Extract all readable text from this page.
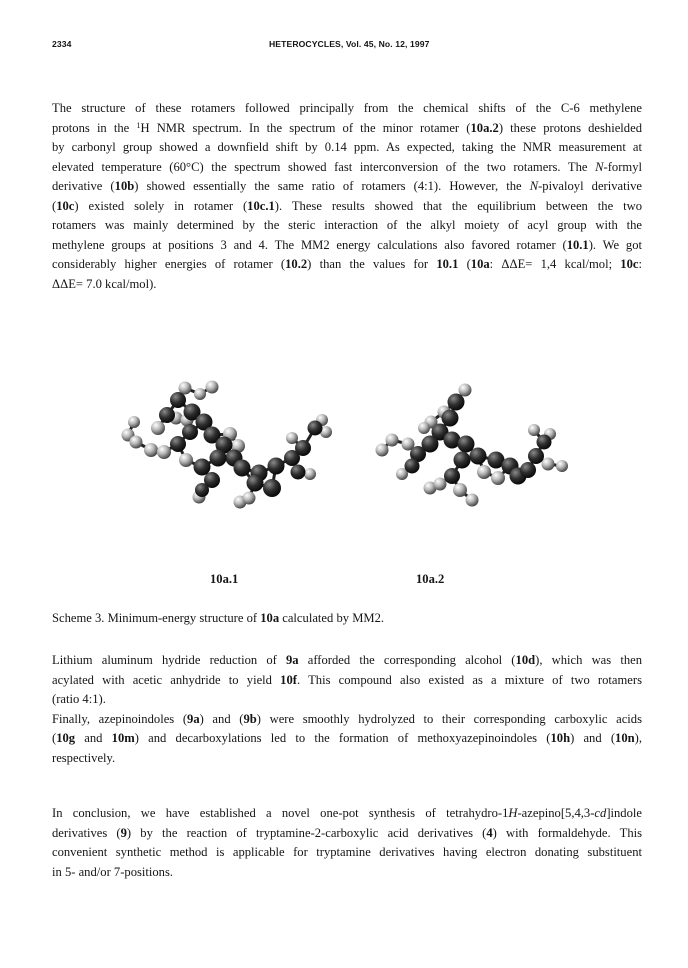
2334	HETEROCYCLES, Vol. 45, No. 12, 1997
The structure of these rotamers followed principally from the chemical shifts of the C-6 methylene
protons in the $^1$H NMR spectrum. In the spectrum of the minor rotamer (10a.2) these protons deshielded
by carbonyl group showed a downfield shift by 0.14 ppm. As expected, taking the NMR measurement at
elevated temperature (60°C) the spectrum showed fast interconversion of the two rotamers. The N-formyl
derivative (10b) showed essentially the same ratio of rotamers (4:1). However, the N-pivaloyl derivative
(10c) existed solely in rotamer (10c.1). These results showed that the equilibrium between the two
rotamers was mainly determined by the steric interaction of the alkyl moiety of acyl group with the
methylene groups at positions 3 and 4. The MM2 energy calculations also favored rotamer (10.1). We got
considerably higher energies of rotamer (10.2) than the values for 10.1 (10a: ΔΔE= 1,4 kcal/mol; 10c:
ΔΔE= 7.0 kcal/mol).
10a.1	10a.2
Scheme 3. Minimum-energy structure of 10a calculated by MM2.
Lithium aluminum hydride reduction of 9a afforded the corresponding alcohol (10d), which was then
acylated with acetic anhydride to yield 10f. This compound also existed as a mixture of two rotamers
(ratio 4:1).
Finally, azepinoindoles (9a) and (9b) were smoothly hydrolyzed to their corresponding carboxylic acids
(10g and 10m) and decarboxylations led to the formation of methoxyazepinoindoles (10h) and (10n),
respectively.
In conclusion, we have established a novel one-pot synthesis of tetrahydro-1H-azepino[5,4,3-cd]indole
derivatives (9) by the reaction of tryptamine-2-carboxylic acid derivatives (4) with formaldehyde. This
convenient synthetic method is applicable for tryptamine derivatives having electron donating substituent
in 5- and/or 7-positions.
